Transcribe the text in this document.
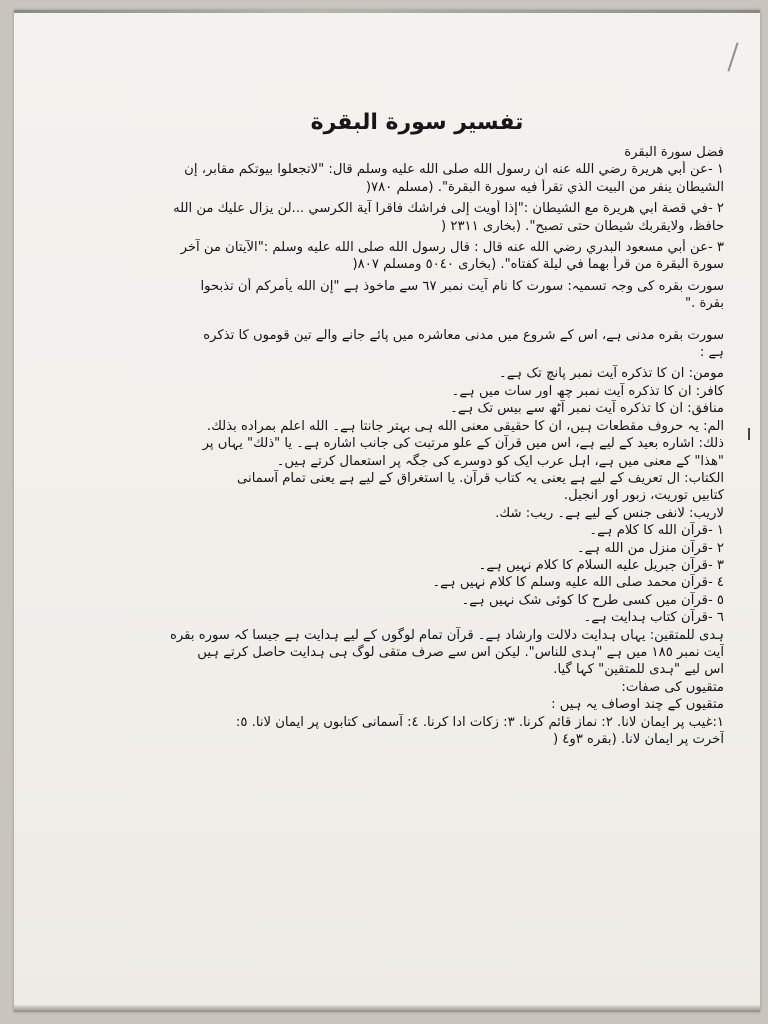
تفسير سورة البقرة
فضل سورة البقرة
١ -عن أبي هريرة رضي الله عنه ان رسول الله صلى الله عليه وسلم قال: "لاتجعلوا بيوتكم مقابر، إن
الشيطان ينفر من البيت الذي تقرأ فيه سورة البقرة". (مسلم ٧٨٠(
٢ -في قصة ابي هريرة مع الشيطان :"إذا أويت إلى فراشك فاقرا آية الكرسي ...لن يزال عليك من الله
حافظ، ولايقربك شيطان حتى تصبح". (بخارى ٢٣١١ (
٣ -عن أبي مسعود البدري رضي الله عنه قال : قال رسول الله صلى الله عليه وسلم :"الآيتان من آخر
سورة البقرة من قرأ بهما في ليلة كفتاه". (بخارى ٥٠٤٠ ومسلم ٨٠٧(
سورت بقره كى وجہ تسميہ: سورت كا نام آيت نمبر ٦٧ سے ماخوذ ہے "إن الله يأمركم أن تذبحوا
بقرة ."
سورت بقره مدنى ہے، اس كے شروع ميں مدنى معاشره ميں پائے جانے والے تين قوموں كا تذكره
ہے :
مومن: ان كا تذكره آيت نمبر پانچ تک ہے۔
كافر: ان كا تذكره آيت نمبر چھ اور سات ميں ہے۔
منافق: ان كا تذكره آيت نمبر آٹھ سے بيس تک ہے۔
الم: يہ حروف مقطعات ہيں، ان كا حقيقى معنى الله ہى بہتر جانتا ہے۔ الله اعلم بمراده بذلك.
ذلك: اشاره بعيد كے ليے ہے، اس ميں قرآن كے علو مرتبت كى جانب اشاره ہے۔ يا "ذلك" يہاں پر
"هذا" كے معنى ميں ہے، اہل عرب ايک كو دوسرے كى جگہ پر استعمال كرتے ہيں۔
الكتاب: ال تعريف كے ليے ہے يعنى يہ كتاب قرآن. يا استغراق كے ليے ہے يعنى تمام آسمانى
كتابيں توريت، زبور اور انجيل.
لاريب: لانفى جنس كے ليے ہے۔ ريب: شك.
١ -قرآن الله كا كلام ہے۔
٢ -قرآن منزل من الله ہے۔
٣ -قرآن جبريل عليه السلام كا كلام نہيں ہے۔
٤ -قرآن محمد صلى الله عليه وسلم كا كلام نہيں ہے۔
٥ -قرآن ميں كسى طرح كا كوئى شک نہيں ہے۔
٦ -قرآن كتاب ہدايت ہے۔
ہدى للمتقين: يہاں ہدايت دلالت وارشاد ہے۔ قرآن تمام لوگوں كے ليے ہدايت ہے جيسا كہ سوره بقره
آيت نمبر ١٨٥ ميں ہے "ہدى للناس". ليكن اس سے صرف متقى لوگ ہى ہدايت حاصل كرتے ہيں
اس ليے "ہدى للمتقين" كہا گيا.
متقيوں كى صفات:
متقيوں كے چند اوصاف يہ ہيں :
١:غيب پر ايمان لانا. ٢: نماز قائم كرنا. ٣: زكات ادا كرنا. ٤: آسمانى كتابوں پر ايمان لانا. ٥:
آخرت پر ايمان لانا. (بقره ٣و٤ (
